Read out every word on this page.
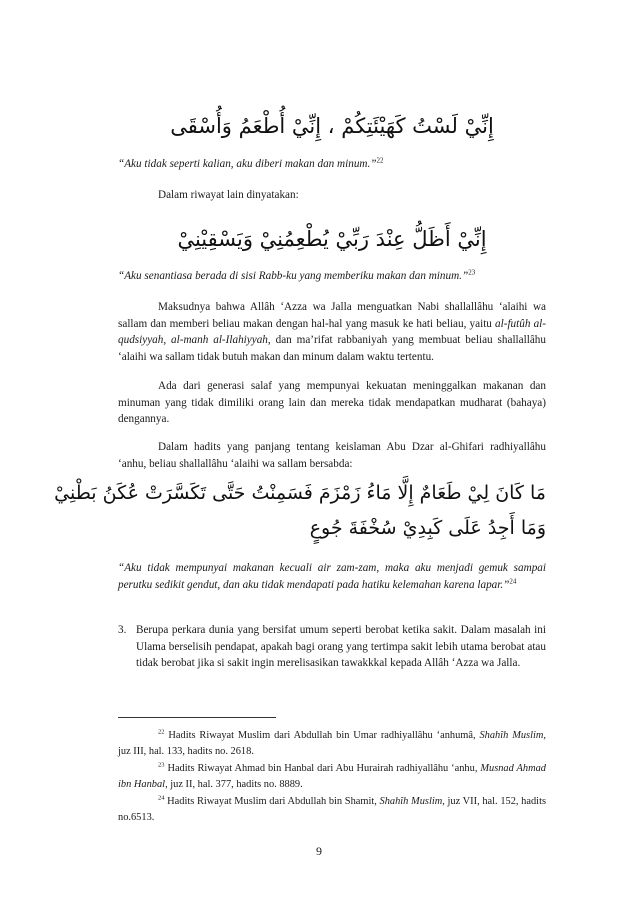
إِنِّيْ لَسْتُ كَهَيْئَتِكُمْ ، إِنِّيْ أُطْعَمُ وَأُسْقَى
“Aku tidak seperti kalian, aku diberi makan dan minum.”$^{22}$
Dalam riwayat lain dinyatakan:
إِنِّيْ أَظَلُّ عِنْدَ رَبِّيْ يُطْعِمُنِيْ وَيَسْقِيْنِيْ
“Aku senantiasa berada di sisi Rabb-ku yang memberiku makan dan minum.”$^{23}$
Maksudnya bahwa Allâh ‘Azza wa Jalla menguatkan Nabi shallallâhu ‘alaihi wa sallam dan memberi beliau makan dengan hal-hal yang masuk ke hati beliau, yaitu al-futûh al-qudsiyyah, al-manh al-Ilahiyyah, dan ma’rifat rabbaniyah yang membuat beliau shallallâhu ‘alaihi wa sallam tidak butuh makan dan minum dalam waktu tertentu.
Ada dari generasi salaf yang mempunyai kekuatan meninggalkan makanan dan minuman yang tidak dimiliki orang lain dan mereka tidak mendapatkan mudharat (bahaya) dengannya.
Dalam hadits yang panjang tentang keislaman Abu Dzar al-Ghifari radhiyallâhu ‘anhu, beliau shallallâhu ‘alaihi wa sallam bersabda:
مَا كَانَ لِيْ طَعَامٌ إِلَّا مَاءُ زَمْزَمَ فَسَمِنْتُ حَتَّى تَكَسَّرَتْ عُكَنُ بَطْنِيْ
وَمَا أَجِدُ عَلَى كَبِدِيْ سُخْفَةَ جُوعٍ
“Aku tidak mempunyai makanan kecuali air zam-zam, maka aku menjadi gemuk sampai perutku sedikit gendut, dan aku tidak mendapati pada hatiku kelemahan karena lapar.”$^{24}$
3. Berupa perkara dunia yang bersifat umum seperti berobat ketika sakit. Dalam masalah ini Ulama berselisih pendapat, apakah bagi orang yang tertimpa sakit lebih utama berobat atau tidak berobat jika si sakit ingin merelisasikan tawakkkal kepada Allâh ‘Azza wa Jalla.
$^{22}$ Hadits Riwayat Muslim dari Abdullah bin Umar radhiyallâhu ‘anhumâ, Shahîh Muslim, juz III, hal. 133, hadits no. 2618.
$^{23}$ Hadits Riwayat Ahmad bin Hanbal dari Abu Hurairah radhiyallâhu ‘anhu, Musnad Ahmad ibn Hanbal, juz II, hal. 377, hadits no. 8889.
$^{24}$ Hadits Riwayat Muslim dari Abdullah bin Shamit, Shahîh Muslim, juz VII, hal. 152, hadits no.6513.
9
